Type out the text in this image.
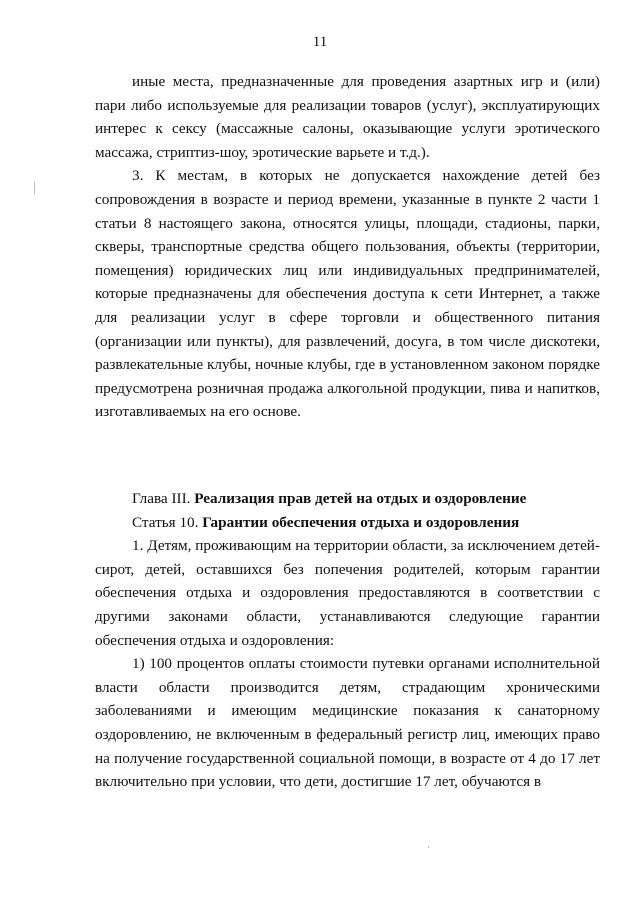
11

иные места, предназначенные для проведения азартных игр и (или) пари либо используемые для реализации товаров (услуг), эксплуатирующих интерес к сексу (массажные салоны, оказывающие услуги эротического массажа, стриптиз-шоу, эротические варьете и т.д.).

3. К местам, в которых не допускается нахождение детей без сопровождения в возрасте и период времени, указанные в пункте 2 части 1 статьи 8 настоящего закона, относятся улицы, площади, стадионы, парки, скверы, транспортные средства общего пользования, объекты (территории, помещения) юридических лиц или индивидуальных предпринимателей, которые предназначены для обеспечения доступа к сети Интернет, а также для реализации услуг в сфере торговли и общественного питания (организации или пункты), для развлечений, досуга, в том числе дискотеки, развлекательные клубы, ночные клубы, где в установленном законом порядке предусмотрена розничная продажа алкогольной продукции, пива и напитков, изготавливаемых на его основе.

Глава III. Реализация прав детей на отдых и оздоровление

Статья 10. Гарантии обеспечения отдыха и оздоровления

1. Детям, проживающим на территории области, за исключением детей-сирот, детей, оставшихся без попечения родителей, которым гарантии обеспечения отдыха и оздоровления предоставляются в соответствии с другими законами области, устанавливаются следующие гарантии обеспечения отдыха и оздоровления:

1) 100 процентов оплаты стоимости путевки органами исполнительной власти области производится детям, страдающим хроническими заболеваниями и имеющим медицинские показания к санаторному оздоровлению, не включенным в федеральный регистр лиц, имеющих право на получение государственной социальной помощи, в возрасте от 4 до 17 лет включительно при условии, что дети, достигшие 17 лет, обучаются в
